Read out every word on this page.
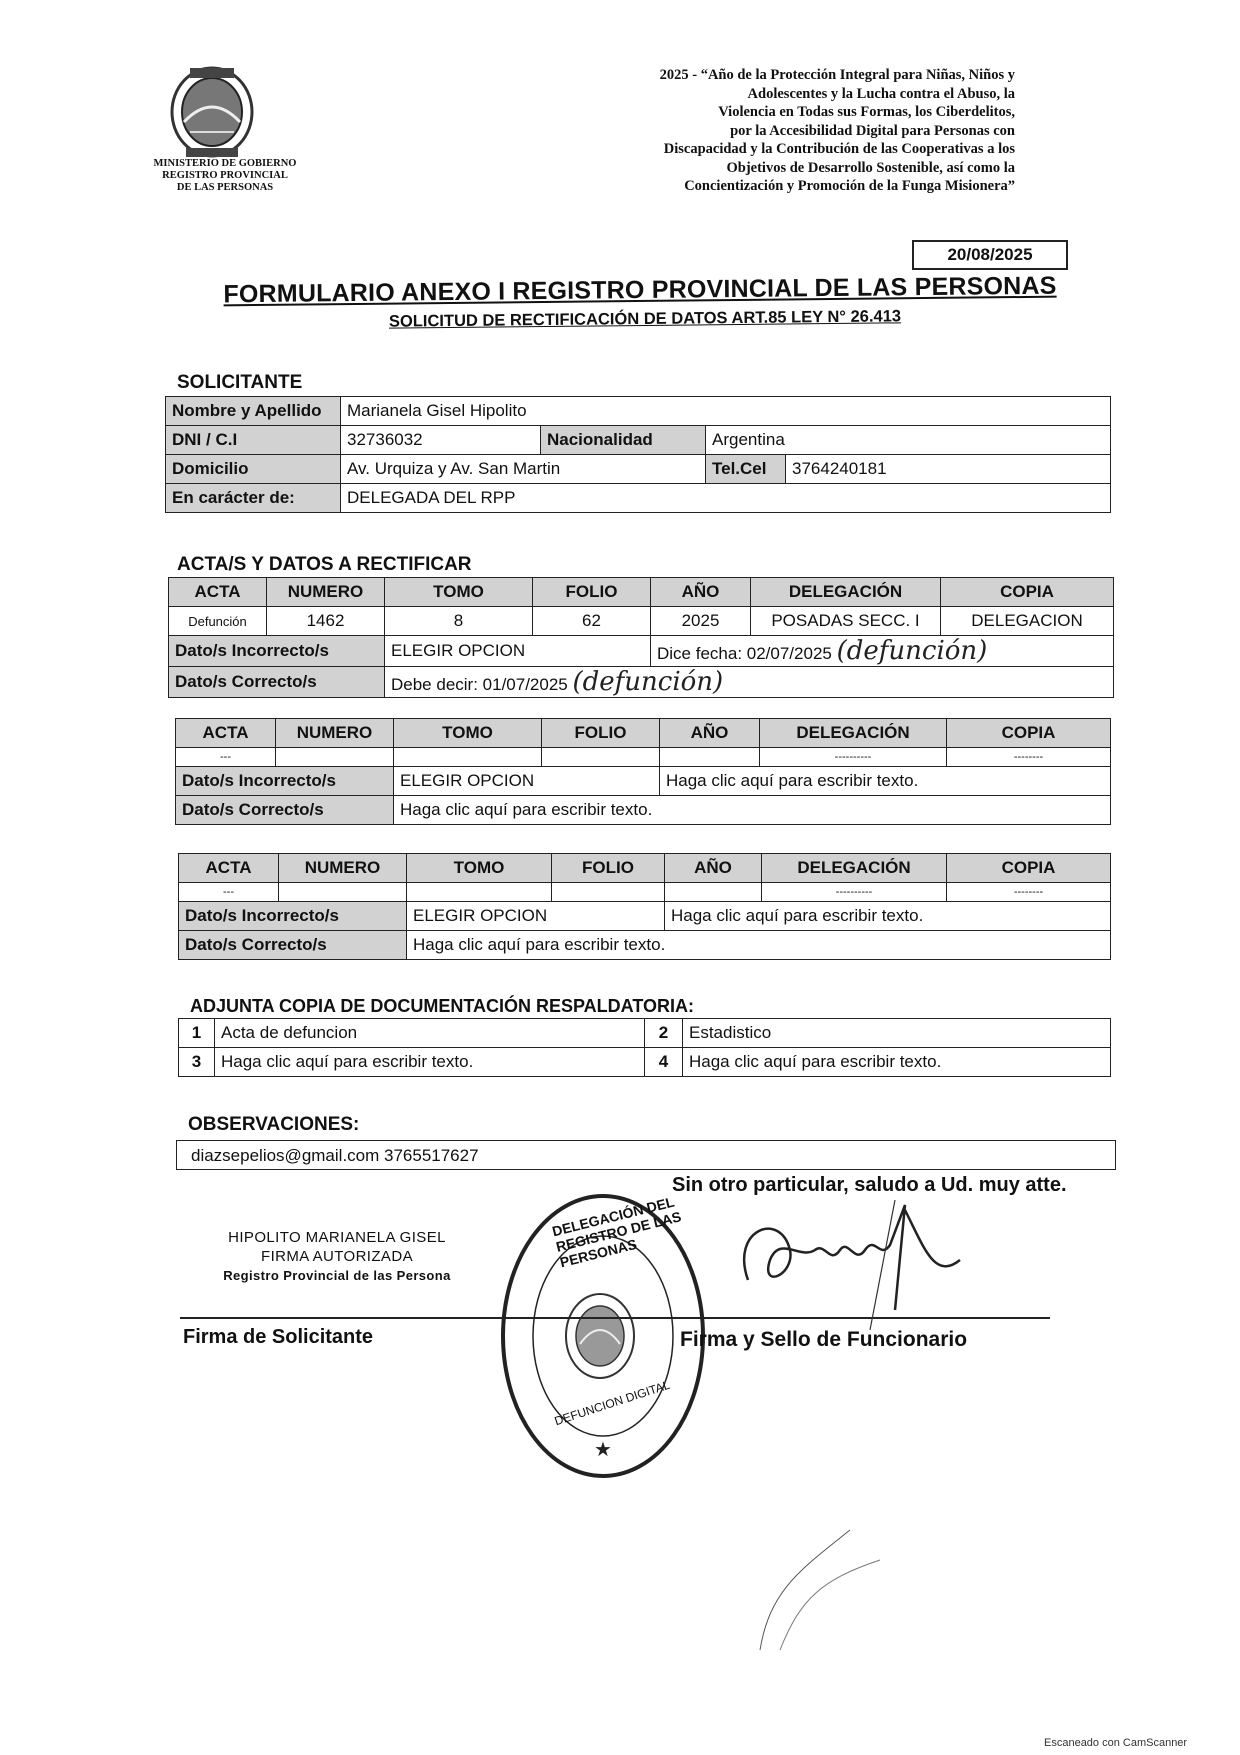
MINISTERIO DE GOBIERNO
REGISTRO PROVINCIAL
DE LAS PERSONAS
2025 - “Año de la Protección Integral para Niñas, Niños y
Adolescentes y la Lucha contra el Abuso, la
Violencia en Todas sus Formas, los Ciberdelitos,
por la Accesibilidad Digital para Personas con
Discapacidad y la Contribución de las Cooperativas a los
Objetivos de Desarrollo Sostenible, así como la
Concientización y Promoción de la Funga Misionera”
20/08/2025
FORMULARIO ANEXO I REGISTRO PROVINCIAL DE LAS PERSONAS
SOLICITUD DE RECTIFICACIÓN DE DATOS ART.85 LEY N° 26.413
SOLICITANTE
Nombre y Apellido	Marianela Gisel Hipolito			
DNI / C.I	32736032	Nacionalidad	Argentina	
Domicilio	Av. Urquiza y Av. San Martin		Tel.Cel	3764240181
En carácter de:	DELEGADA DEL RPP			
ACTA/S Y DATOS A RECTIFICAR
ACTA	NUMERO	TOMO	FOLIO	AÑO	DELEGACIÓN	COPIA
Defunción	1462	8	62	2025	POSADAS SECC. I	DELEGACION
Dato/s Incorrecto/s		ELEGIR OPCION		Dice fecha: 02/07/2025 (defunción)		
Dato/s Correcto/s		Debe decir: 01/07/2025 (defunción)				
ACTA	NUMERO	TOMO	FOLIO	AÑO	DELEGACIÓN	COPIA
---					----------	--------
Dato/s Incorrecto/s		ELEGIR OPCION		Haga clic aquí para escribir texto.		
Dato/s Correcto/s		Haga clic aquí para escribir texto.				
ACTA	NUMERO	TOMO	FOLIO	AÑO	DELEGACIÓN	COPIA
---					----------	--------
Dato/s Incorrecto/s		ELEGIR OPCION		Haga clic aquí para escribir texto.		
Dato/s Correcto/s		Haga clic aquí para escribir texto.				
ADJUNTA COPIA DE DOCUMENTACIÓN RESPALDATORIA:
1	Acta de defuncion	2	Estadistico
3	Haga clic aquí para escribir texto.	4	Haga clic aquí para escribir texto.
OBSERVACIONES:
diazsepelios@gmail.com 3765517627
Sin otro particular, saludo a Ud. muy atte.
HIPOLITO MARIANELA GISEL
FIRMA AUTORIZADA
Registro Provincial de las Persona
★
DELEGACIÓN DEL REGISTRO DE LAS PERSONAS
DEFUNCION DIGITAL
Firma de Solicitante	Firma y Sello de Funcionario
Escaneado con CamScanner
